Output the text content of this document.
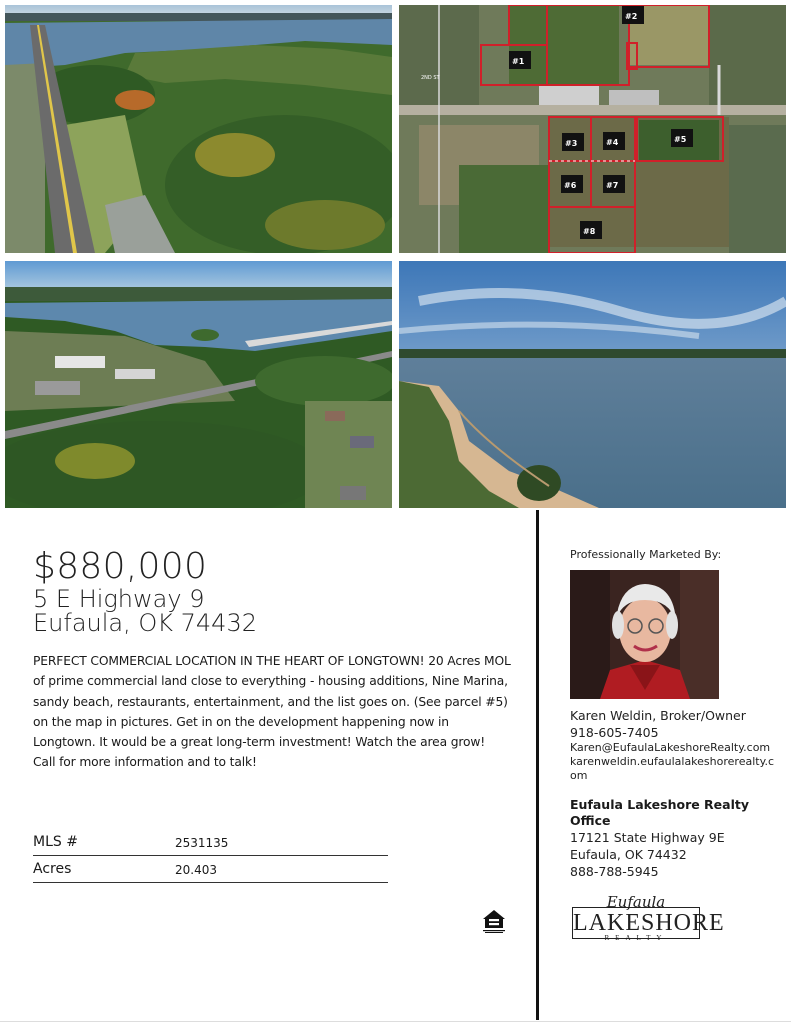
2ND ST
#1
#2
#3	#4	#5
#6	#7
#8
$880,000
5 E Highway 9
Eufaula, OK 74432
PERFECT COMMERCIAL LOCATION IN THE HEART OF LONGTOWN! 20 Acres MOL of prime commercial land close to everything - housing additions, Nine Marina, sandy beach, restaurants, entertainment, and the list goes on. (See parcel #5) on the map in pictures. Get in on the development happening now in Longtown. It would be a great long-term investment! Watch the area grow! Call for more information and to talk!
MLS #	2531135
Acres	20.403
Professionally Marketed By:
Karen Weldin, Broker/Owner
918-605-7405
Karen@EufaulaLakeshoreRealty.com
karenweldin.eufaulalakeshorerealty.com
Eufaula Lakeshore Realty Office
17121 State Highway 9E
Eufaula, OK 74432
888-788-5945
Eufaula
LAKESHORE
REALTY
